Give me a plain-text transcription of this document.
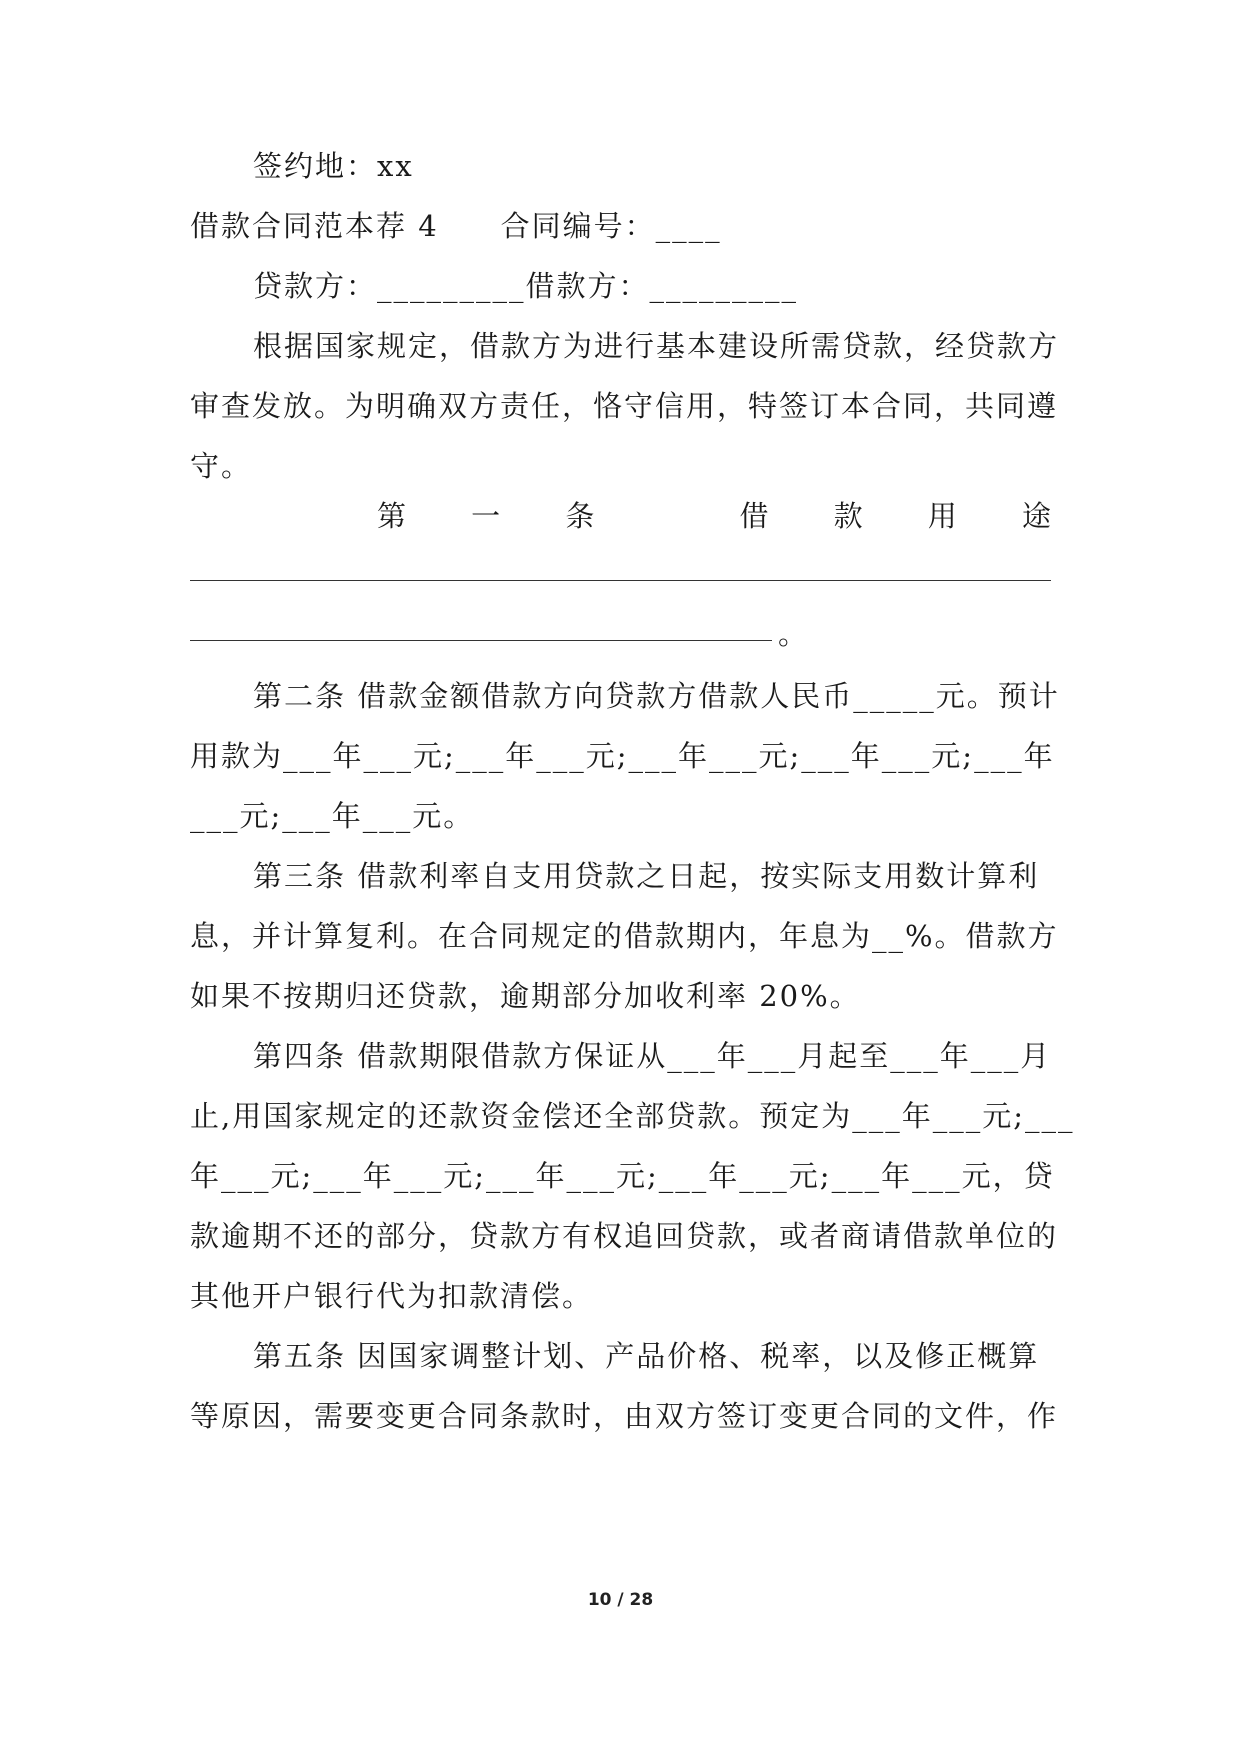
签约地：xx
借款合同范本荐 4　　合同编号：____
贷款方：_________借款方：_________
根据国家规定，借款方为进行基本建设所需贷款，经贷款方
审查发放。为明确双方责任，恪守信用，特签订本合同，共同遵
守。
第 一 条	借 款 用 途
。
第二条 借款金额借款方向贷款方借款人民币_____元。预计
用款为___年___元;___年___元;___年___元;___年___元;___年
___元;___年___元。
第三条 借款利率自支用贷款之日起，按实际支用数计算利
息，并计算复利。在合同规定的借款期内，年息为__%。借款方
如果不按期归还贷款，逾期部分加收利率 20%。
第四条 借款期限借款方保证从___年___月起至___年___月
止,用国家规定的还款资金偿还全部贷款。预定为___年___元;___
年___元;___年___元;___年___元;___年___元;___年___元，贷
款逾期不还的部分，贷款方有权追回贷款，或者商请借款单位的
其他开户银行代为扣款清偿。
第五条 因国家调整计划、产品价格、税率，以及修正概算
等原因，需要变更合同条款时，由双方签订变更合同的文件，作
10 / 28
